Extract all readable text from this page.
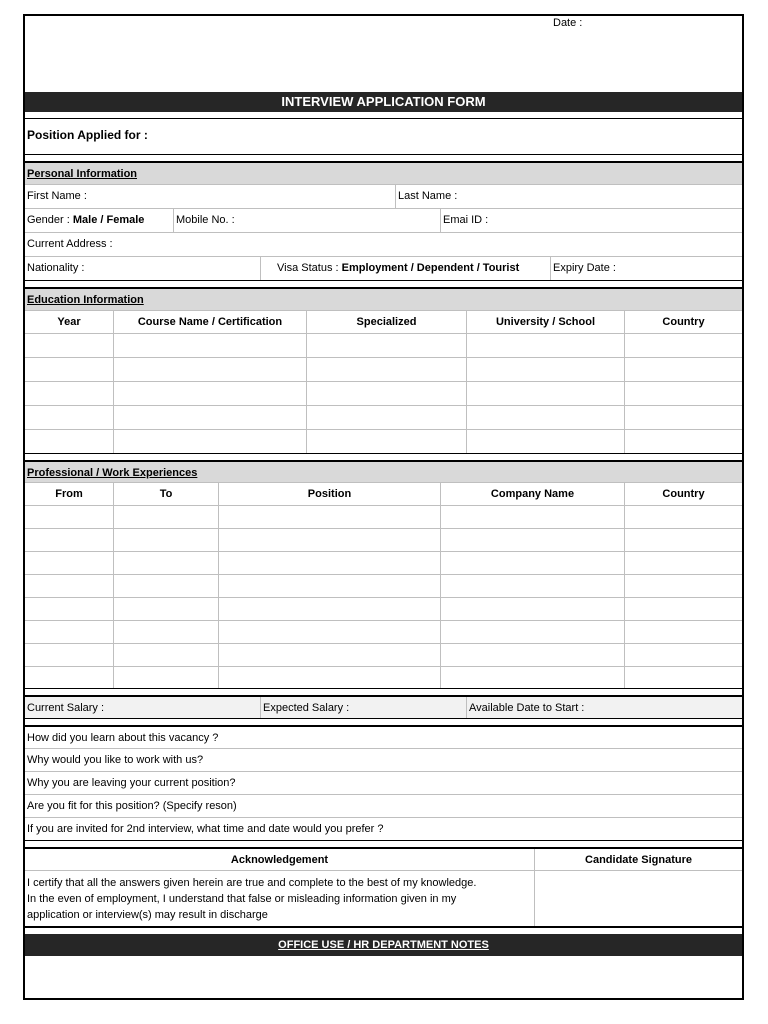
Date :
INTERVIEW APPLICATION FORM
Position Applied for :
Personal Information
First Name :	Last Name :
Gender : Male / Female	Mobile No. :	Emai ID :
Current Address :
Nationality :	Visa Status : Employment / Dependent / Tourist	Expiry Date :
Education Information
Year	Course Name / Certification	Specialized	University / School	Country
Professional / Work Experiences
From	To	Position	Company Name	Country
Current Salary :	Expected Salary :	Available Date to Start :
How did you learn about this vacancy ?
Why would you like to work with us?
Why you are leaving your current position?
Are you fit for this position? (Specify reson)
If you are invited for 2nd interview, what time and date would you prefer ?
Acknowledgement	Candidate Signature
I certify that all the answers given herein are true and complete to the best of my knowledge.
In the even of employment, I understand that false or misleading information given in my
application or interview(s) may result in discharge
OFFICE USE / HR DEPARTMENT NOTES
